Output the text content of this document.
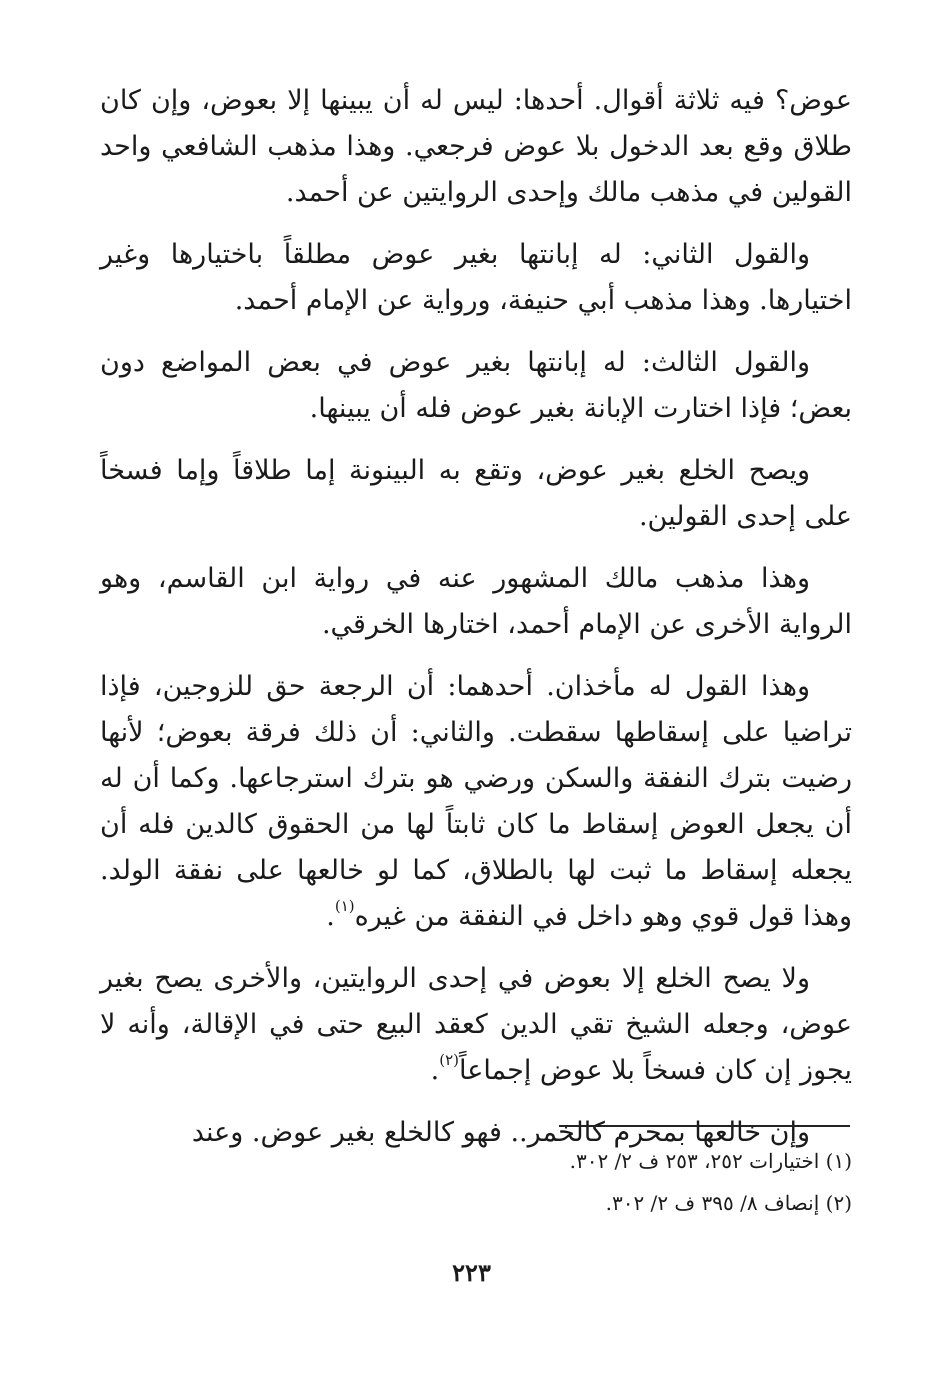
عوض؟ فيه ثلاثة أقوال. أحدها: ليس له أن يبينها إلا بعوض، وإن كان طلاق وقع بعد الدخول بلا عوض فرجعي. وهذا مذهب الشافعي واحد القولين في مذهب مالك وإحدى الروايتين عن أحمد.

والقول الثاني: له إبانتها بغير عوض مطلقاً باختيارها وغير اختيارها. وهذا مذهب أبي حنيفة، ورواية عن الإمام أحمد.

والقول الثالث: له إبانتها بغير عوض في بعض المواضع دون بعض؛ فإذا اختارت الإبانة بغير عوض فله أن يبينها.

ويصح الخلع بغير عوض، وتقع به البينونة إما طلاقاً وإما فسخاً على إحدى القولين.

وهذا مذهب مالك المشهور عنه في رواية ابن القاسم، وهو الرواية الأخرى عن الإمام أحمد، اختارها الخرقي.

وهذا القول له مأخذان. أحدهما: أن الرجعة حق للزوجين، فإذا تراضيا على إسقاطها سقطت. والثاني: أن ذلك فرقة بعوض؛ لأنها رضيت بترك النفقة والسكن ورضي هو بترك استرجاعها. وكما أن له أن يجعل العوض إسقاط ما كان ثابتاً لها من الحقوق كالدين فله أن يجعله إسقاط ما ثبت لها بالطلاق، كما لو خالعها على نفقة الولد. وهذا قول قوي وهو داخل في النفقة من غيره$^{(١)}$.

ولا يصح الخلع إلا بعوض في إحدى الروايتين، والأخرى يصح بغير عوض، وجعله الشيخ تقي الدين كعقد البيع حتى في الإقالة، وأنه لا يجوز إن كان فسخاً بلا عوض إجماعاً$^{(٢)}$.

وإن خالعها بمحرم كالخمر.. فهو كالخلع بغير عوض. وعند

(١) اختيارات ٢٥٢، ٢٥٣ ف ٢/ ٣٠٢.

(٢) إنصاف ٨/ ٣٩٥ ف ٢/ ٣٠٢.

٢٢٣
